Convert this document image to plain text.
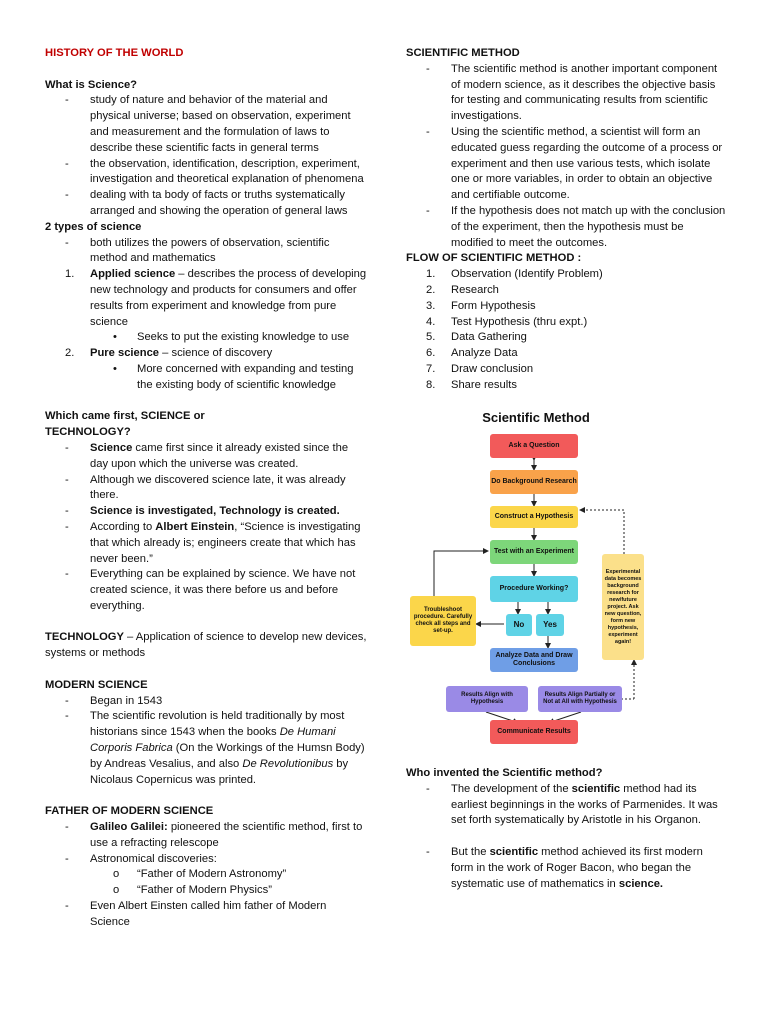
HISTORY OF THE WORLD
What is Science?
-	study of nature and behavior of the material and physical universe; based on observation, experiment and measurement and the formulation of laws to describe these scientific facts in general terms
-	the observation, identification, description, experiment, investigation and theoretical explanation of phenomena
-	dealing with ta body of facts or truths systematically arranged and showing the operation of general laws
2 types of science
-	both utilizes the powers of observation, scientific method and mathematics
1.	Applied science – describes the process of developing new technology and products for consumers and offer results from experiment and knowledge from pure science
•	Seeks to put the existing knowledge to use
2.	Pure science – science of discovery
•	More concerned with expanding and testing the existing body of scientific knowledge
Which came first, SCIENCE or
TECHNOLOGY?
-	Science came first since it already existed since the day upon which the universe was created.
-	Although we discovered science late, it was already there.
-	Science is investigated, Technology is created.
-	According to Albert Einstein, “Science is investigating that which already is; engineers create that which has never been.”
-	Everything can be explained by science. We have not created science, it was there before us and before everything.
TECHNOLOGY – Application of science to develop new devices, systems or methods
MODERN SCIENCE
-	Began in 1543
-	The scientific revolution is held traditionally by most historians since 1543 when the books De Humani Corporis Fabrica (On the Workings of the Humsn Body) by Andreas Vesalius, and also De Revolutionibus by Nicolaus Copernicus was printed.
FATHER OF MODERN SCIENCE
-	Galileo Galilei: pioneered the scientific method, first to use a refracting relescope
-	Astronomical discoveries:
o	“Father of Modern Astronomy”
o	“Father of Modern Physics”
-	Even Albert Einsten called him father of Modern Science
SCIENTIFIC METHOD
-	The scientific method is another important component of modern science, as it describes the objective basis for testing and communicating results from scientific investigations.
-	Using the scientific method, a scientist will form an educated guess regarding the outcome of a process or experiment and then use various tests, which isolate one or more variables, in order to obtain an objective and certifiable outcome.
-	If the hypothesis does not match up with the conclusion of the experiment, then the hypothesis must be modified to meet the outcomes.
FLOW OF SCIENTIFIC METHOD :
1.	Observation (Identify Problem)
2.	Research
3.	Form Hypothesis
4.	Test Hypothesis (thru expt.)
5.	Data Gathering
6.	Analyze Data
7.	Draw conclusion
8.	Share results
Scientific Method
Ask a Question
Do Background Research
Construct a Hypothesis
Test with an Experiment
Procedure Working?
No	Yes
Troubleshoot procedure. Carefully check all steps and set-up.
Analyze Data and Draw Conclusions
Results Align with Hypothesis
Results Align Partially or Not at All with Hypothesis
Communicate Results
Experimental data becomes background research for new/future project. Ask new question, form new hypothesis, experiment again!
Who invented the Scientific method?
-	The development of the scientific method had its earliest beginnings in the works of Parmenides. It was set forth systematically by Aristotle in his Organon.
-	But the scientific method achieved its first modern form in the work of Roger Bacon, who began the systematic use of mathematics in science.
